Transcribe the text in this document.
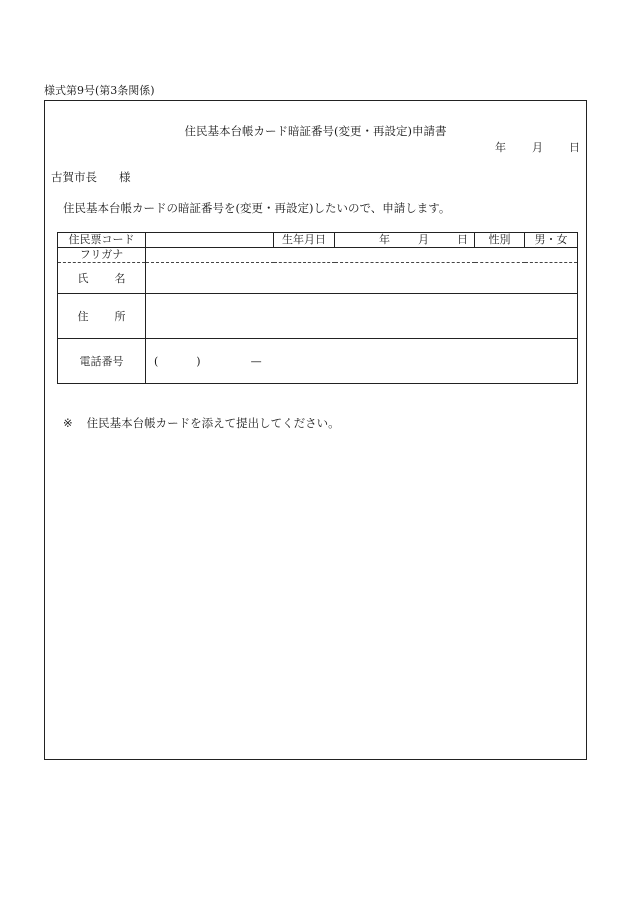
様式第9号(第3条関係)
住民基本台帳カード暗証番号(変更・再設定)申請書
年 月 日
古賀市長 様
住民基本台帳カードの暗証番号を(変更・再設定)したいので、申請します。
住民票コード		生年月日	年 月 日	性別	男・女
フリガナ					
氏 名					
住 所					
電話番号	( ) —				
※ 住民基本台帳カードを添えて提出してください。
